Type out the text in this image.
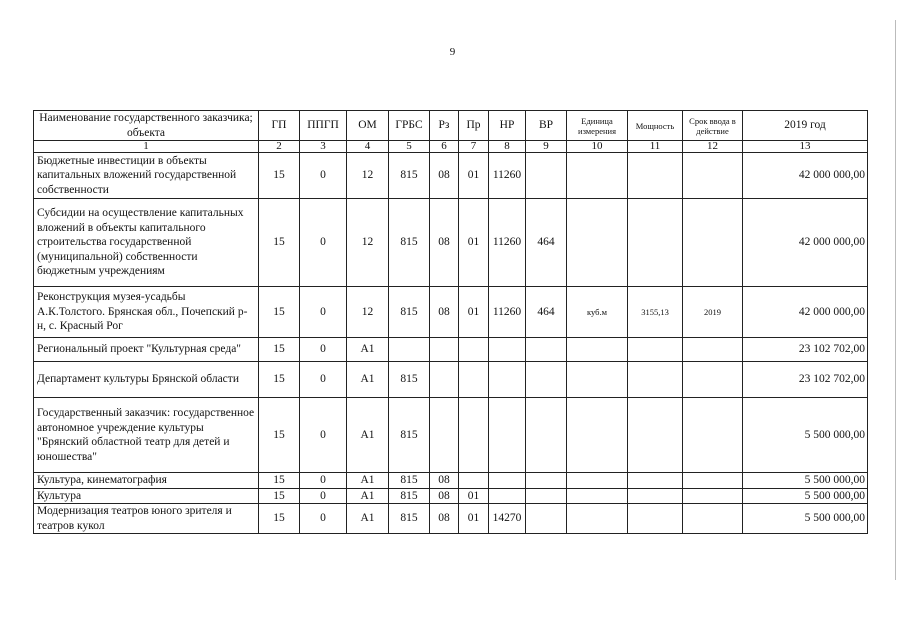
9
Наименование государственного заказчика; объекта	ГП	ППГП	ОМ	ГРБС	Рз	Пр	НР	ВР	Единица измерения	Мощность	Срок ввода в действие	2019 год
1	2	3	4	5	6	7	8	9	10	11	12	13
Бюджетные инвестиции в объекты капитальных вложений государственной собственности	15	0	12	815	08	01	11260					42 000 000,00
Субсидии на осуществление капитальных вложений в объекты капитального строительства государственной (муниципальной) собственности бюджетным учреждениям	15	0	12	815	08	01	11260	464				42 000 000,00
Реконструкция музея-усадьбы А.К.Толстого. Брянская обл., Почепский р-н, с. Красный Рог	15	0	12	815	08	01	11260	464	куб.м	3155,13	2019	42 000 000,00
Региональный проект "Культурная среда"	15	0	А1									23 102 702,00
Департамент культуры Брянской области	15	0	А1	815								23 102 702,00
Государственный заказчик: государственное автономное учреждение культуры "Брянский областной театр для детей и юношества"	15	0	А1	815								5 500 000,00
Культура, кинематография	15	0	А1	815	08							5 500 000,00
Культура	15	0	А1	815	08	01						5 500 000,00
Модернизация театров юного зрителя и театров кукол	15	0	А1	815	08	01	14270					5 500 000,00
